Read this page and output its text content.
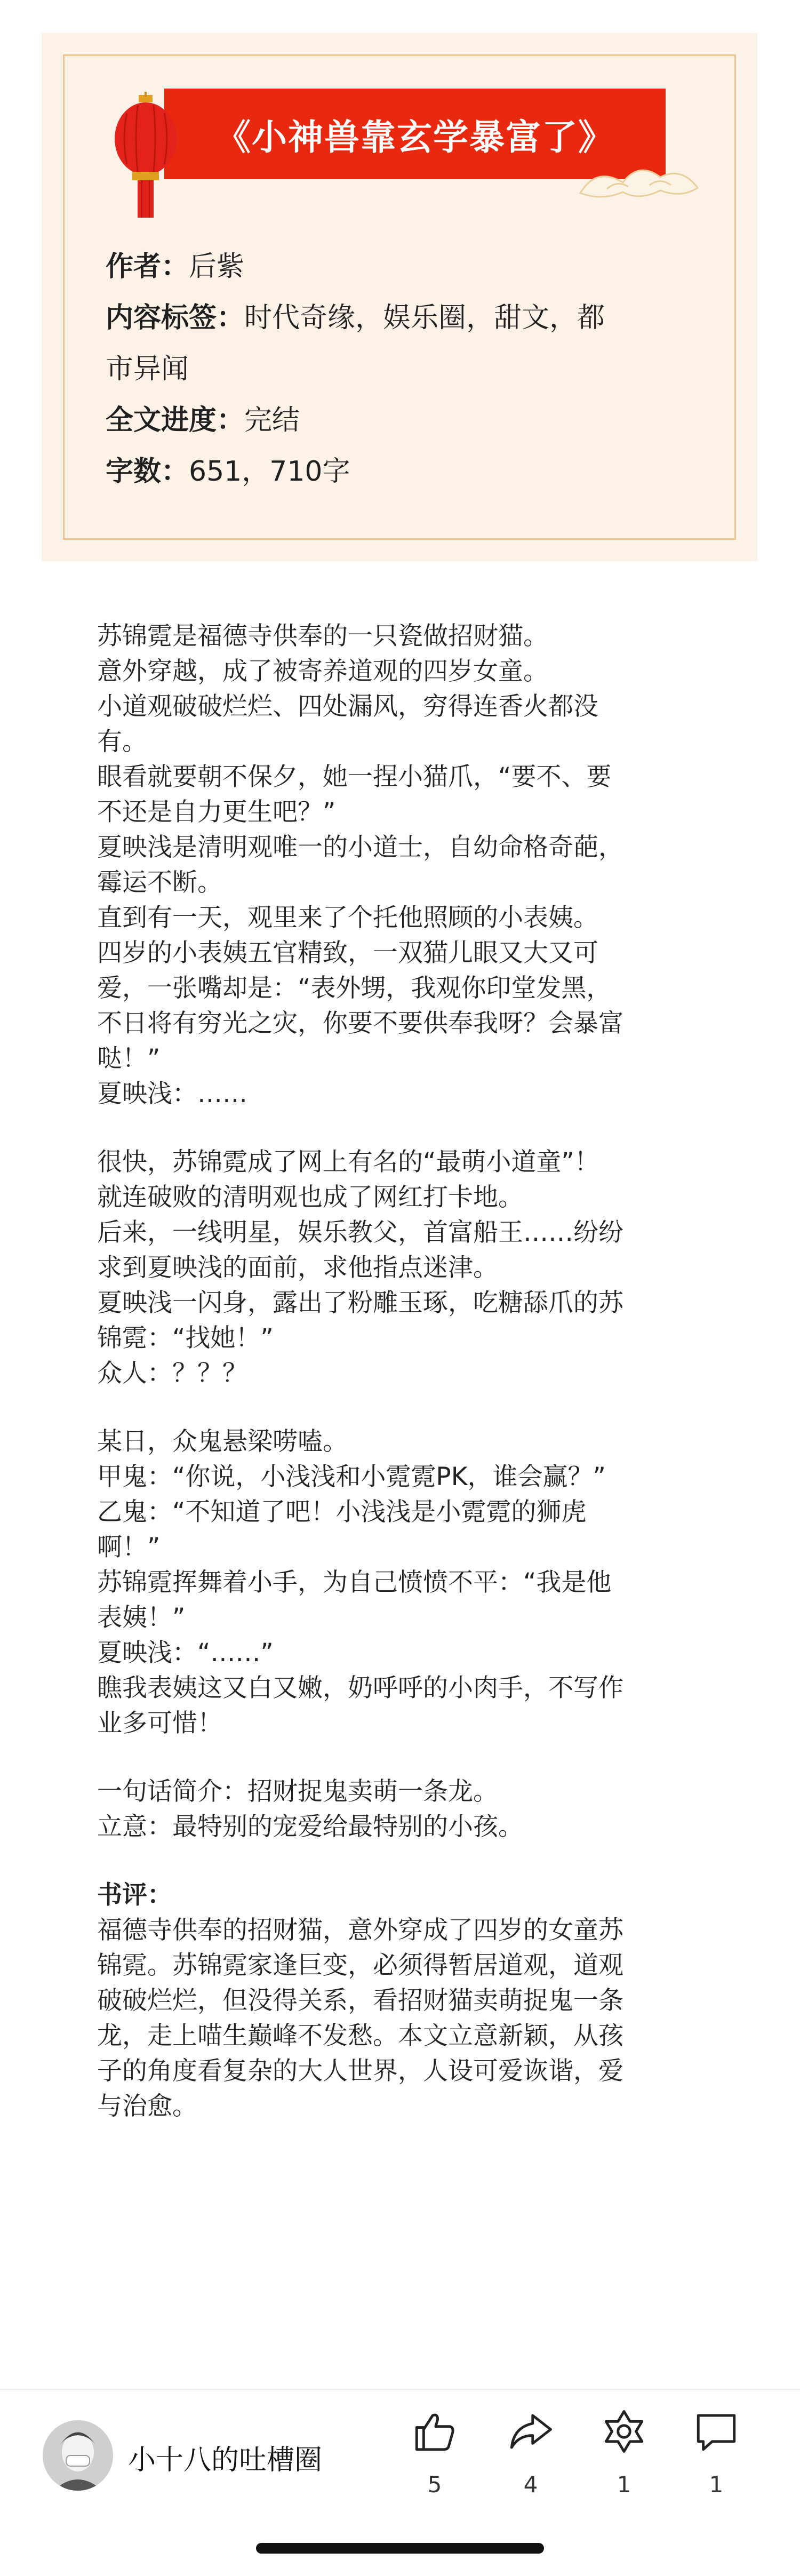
《小神兽靠玄学暴富了》
作者：后紫
内容标签：时代奇缘，娱乐圈，甜文，都
市异闻
全文进度：完结
字数：651，710字

苏锦霓是福德寺供奉的一只瓷做招财猫。

意外穿越，成了被寄养道观的四岁女童。

小道观破破烂烂、四处漏风，穷得连香火都没

有。

眼看就要朝不保夕，她一捏小猫爪，“要不、要

不还是自力更生吧？”

夏映浅是清明观唯一的小道士，自幼命格奇葩，

霉运不断。

直到有一天，观里来了个托他照顾的小表姨。

四岁的小表姨五官精致，一双猫儿眼又大又可

爱，一张嘴却是：“表外甥，我观你印堂发黑，

不日将有穷光之灾，你要不要供奉我呀？会暴富

哒！”

夏映浅：……

很快，苏锦霓成了网上有名的“最萌小道童”！

就连破败的清明观也成了网红打卡地。

后来，一线明星，娱乐教父，首富船王……纷纷

求到夏映浅的面前，求他指点迷津。

夏映浅一闪身，露出了粉雕玉琢，吃糖舔爪的苏

锦霓：“找她！”

众人：？？？

某日，众鬼悬梁唠嗑。

甲鬼：“你说，小浅浅和小霓霓PK，谁会赢？”

乙鬼：“不知道了吧！小浅浅是小霓霓的狮虎

啊！”

苏锦霓挥舞着小手，为自己愤愤不平：“我是他

表姨！”

夏映浅：“……”

瞧我表姨这又白又嫩，奶呼呼的小肉手，不写作

业多可惜！

一句话简介：招财捉鬼卖萌一条龙。

立意：最特别的宠爱给最特别的小孩。

书评：

福德寺供奉的招财猫，意外穿成了四岁的女童苏

锦霓。苏锦霓家逢巨变，必须得暂居道观，道观

破破烂烂，但没得关系，看招财猫卖萌捉鬼一条

龙，走上喵生巅峰不发愁。本文立意新颖，从孩

子的角度看复杂的大人世界，人设可爱诙谐，爱

与治愈。

小十八的吐槽圈
5	4	1	1
